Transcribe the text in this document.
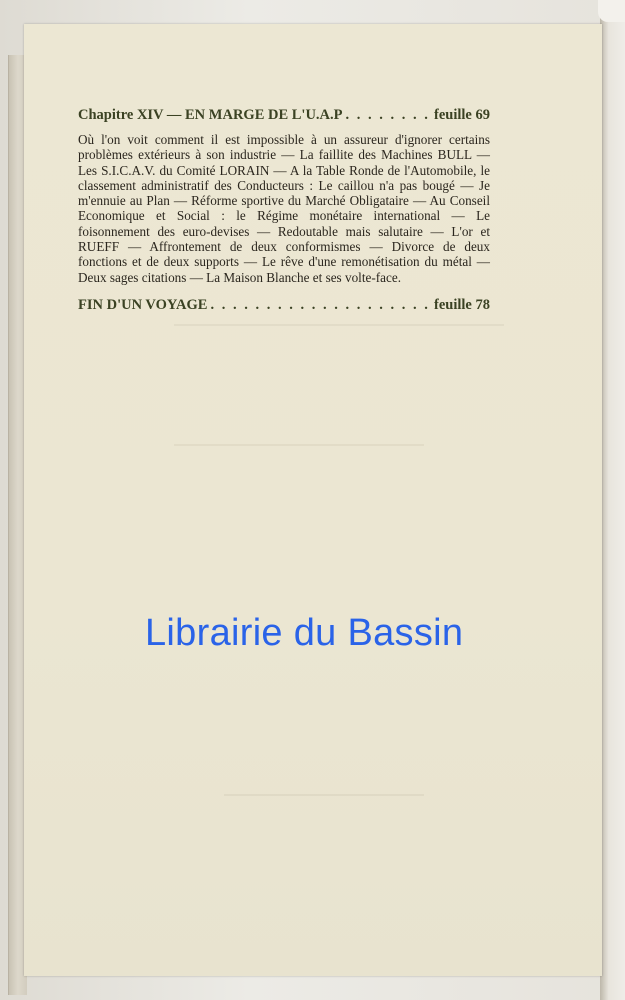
Chapitre XIV — EN MARGE DE L'U.A.P . . .	feuille 69
Où l'on voit comment il est impossible à un assureur d'ignorer certains problèmes extérieurs à son industrie — La faillite des Machines BULL — Les S.I.C.A.V. du Comité LORAIN — A la Table Ronde de l'Automobile, le classement administratif des Conducteurs : Le caillou n'a pas bougé — Je m'ennuie au Plan — Réforme sportive du Marché Obligataire — Au Conseil Economique et Social : le Régime monétaire international — Le foisonnement des euro-devises — Redoutable mais salutaire — L'or et RUEFF — Affrontement de deux conformismes — Divorce de deux fonctions et de deux supports — Le rêve d'une remonétisation du métal — Deux sages citations — La Maison Blanche et ses volte-face.
FIN D'UN VOYAGE . . .	feuille 78
Librairie du Bassin
